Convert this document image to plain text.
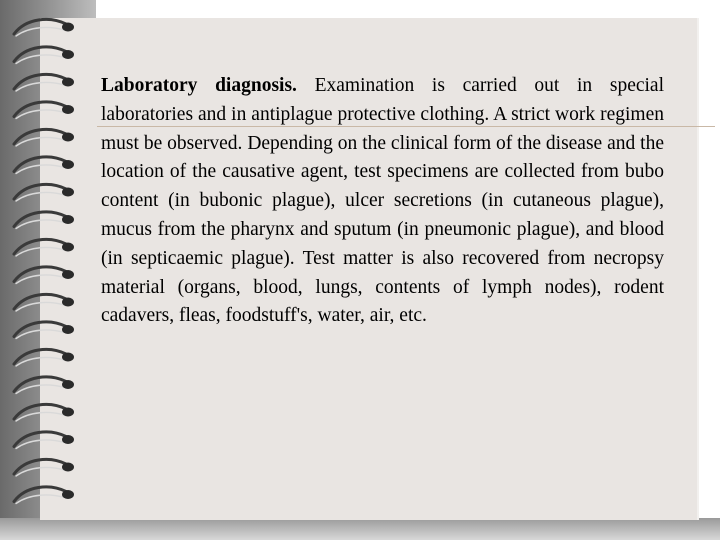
Laboratory diagnosis. Examination is carried out in special laboratories and in antiplague protective clothing. A strict work regimen must be observed. Depending on the clinical form of the disease and the location of the causative agent, test specimens are collected from bubo content (in bubonic plague), ulcer secretions (in cutaneous plague), mucus from the pharynx and sputum (in pneumonic plague), and blood (in septicaemic plague). Test matter is also recovered from necropsy material (organs, blood, lungs, contents of lymph nodes), rodent cadavers, fleas, foodstuff's, water, air, etc.
